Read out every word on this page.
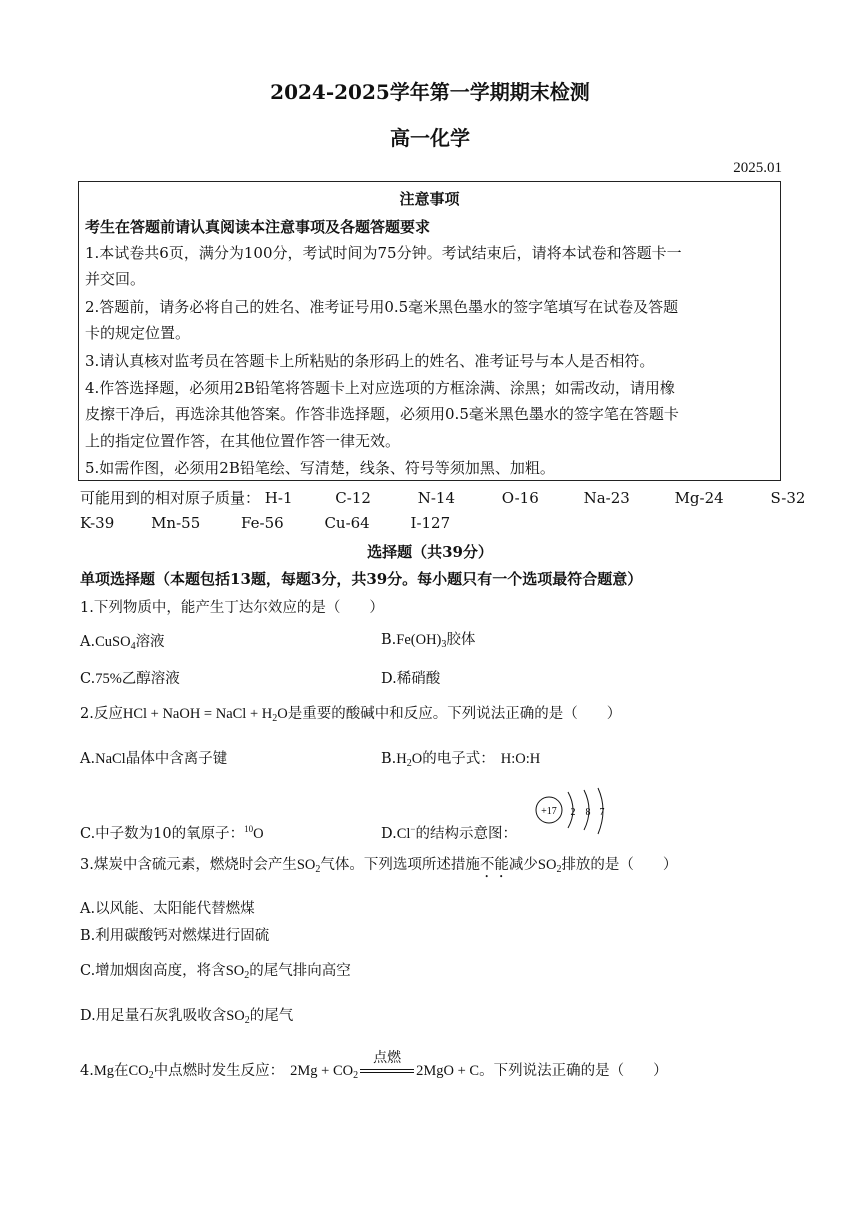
2024-2025学年第一学期期末检测
高一化学
2025.01
注意事项
考生在答题前请认真阅读本注意事项及各题答题要求
1.本试卷共6页，满分为100分，考试时间为75分钟。考试结束后，请将本试卷和答题卡一
并交回。
2.答题前，请务必将自己的姓名、准考证号用0.5毫米黑色墨水的签字笔填写在试卷及答题
卡的规定位置。
3.请认真核对监考员在答题卡上所粘贴的条形码上的姓名、准考证号与本人是否相符。
4.作答选择题，必须用2B铅笔将答题卡上对应选项的方框涂满、涂黑；如需改动，请用橡
皮擦干净后，再选涂其他答案。作答非选择题，必须用0.5毫米黑色墨水的签字笔在答题卡
上的指定位置作答，在其他位置作答一律无效。
5.如需作图，必须用2B铅笔绘、写清楚，线条、符号等须加黑、加粗。
可能用到的相对原子质量： H-1	C-12	N-14	O-16	Na-23	Mg-24	S-32
K-39 Mn-55	Fe-56	Cu-64	I-127
选择题（共39分）
单项选择题（本题包括13题，每题3分，共39分。每小题只有一个选项最符合题意）
1.下列物质中，能产生丁达尔效应的是（　　）
A.CuSO$_4$溶液	$B.Fe(OH)_3$胶体
C.75%乙醇溶液	D.稀硝酸
2.反应HCl + NaOH = NaCl + $H_2O$是重要的酸碱中和反应。下列说法正确的是（　　）
A.NaCl晶体中含离子键	$B.H_2O$的电子式： H:O:H
C.中子数为10的氧原子：$^{10}$O	D.Cl−的结构示意图：
+17 2 8 7
3.煤炭中含硫元素，燃烧时会产生$SO_2$气体。下列选项所述措施不能减少$SO_2$排放的是（　　）
A.以风能、太阳能代替燃煤
B.利用碳酸钙对燃煤进行固硫
C.增加烟囱高度，将含$SO_2$的尾气排向高空
D.用足量石灰乳吸收含$SO_2$的尾气
4.Mg在$CO_2$中点燃时发生反应： $2Mg + CO_2$
点燃
2MgO + C。下列说法正确的是（　　）
